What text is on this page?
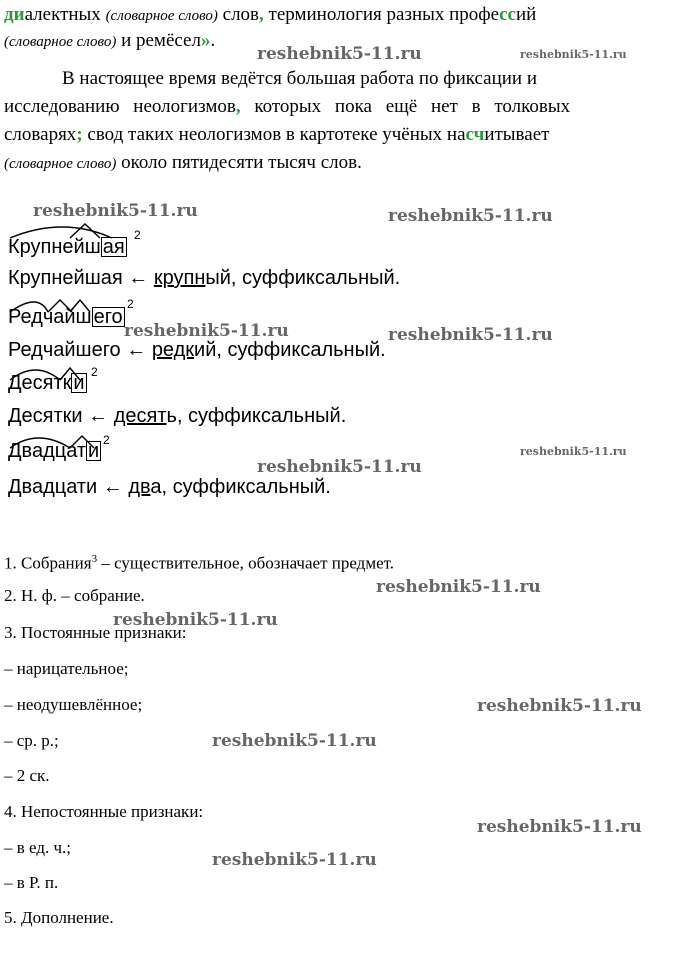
диалектных (словарное слово) слов, терминология разных профессий
(словарное слово) и ремёсел».
В настоящее время ведётся большая работа по фиксации и
исследованию неологизмов, которых пока ещё нет в толковых
словарях; свод таких неологизмов в картотеке учёных насчитывает
(словарное слово) около пятидесяти тысяч слов.
Крупнейш ая
2
Крупнейшая ← крупный, суффиксальный.
Редчайш его
2
Редчайшего ← редкий, суффиксальный.
Десятк и 2
Десятки ← десять, суффиксальный.
Двадцат и 2
Двадцати ← два, суффиксальный.
1. Собрания$^3$ – существительное, обозначает предмет.
2. Н. ф. – собрание.
3. Постоянные признаки:
– нарицательное;
– неодушевлённое;
– ср. р.;
– 2 ск.
4. Непостоянные признаки:
– в ед. ч.;
– в Р. п.
5. Дополнение.
reshebnik5-11.ru	reshebnik5-11.ru
reshebnik5-11.ru	reshebnik5-11.ru
reshebnik5-11.ru	reshebnik5-11.ru
reshebnik5-11.ru
reshebnik5-11.ru
reshebnik5-11.ru
reshebnik5-11.ru
reshebnik5-11.ru
reshebnik5-11.ru
reshebnik5-11.ru
reshebnik5-11.ru
